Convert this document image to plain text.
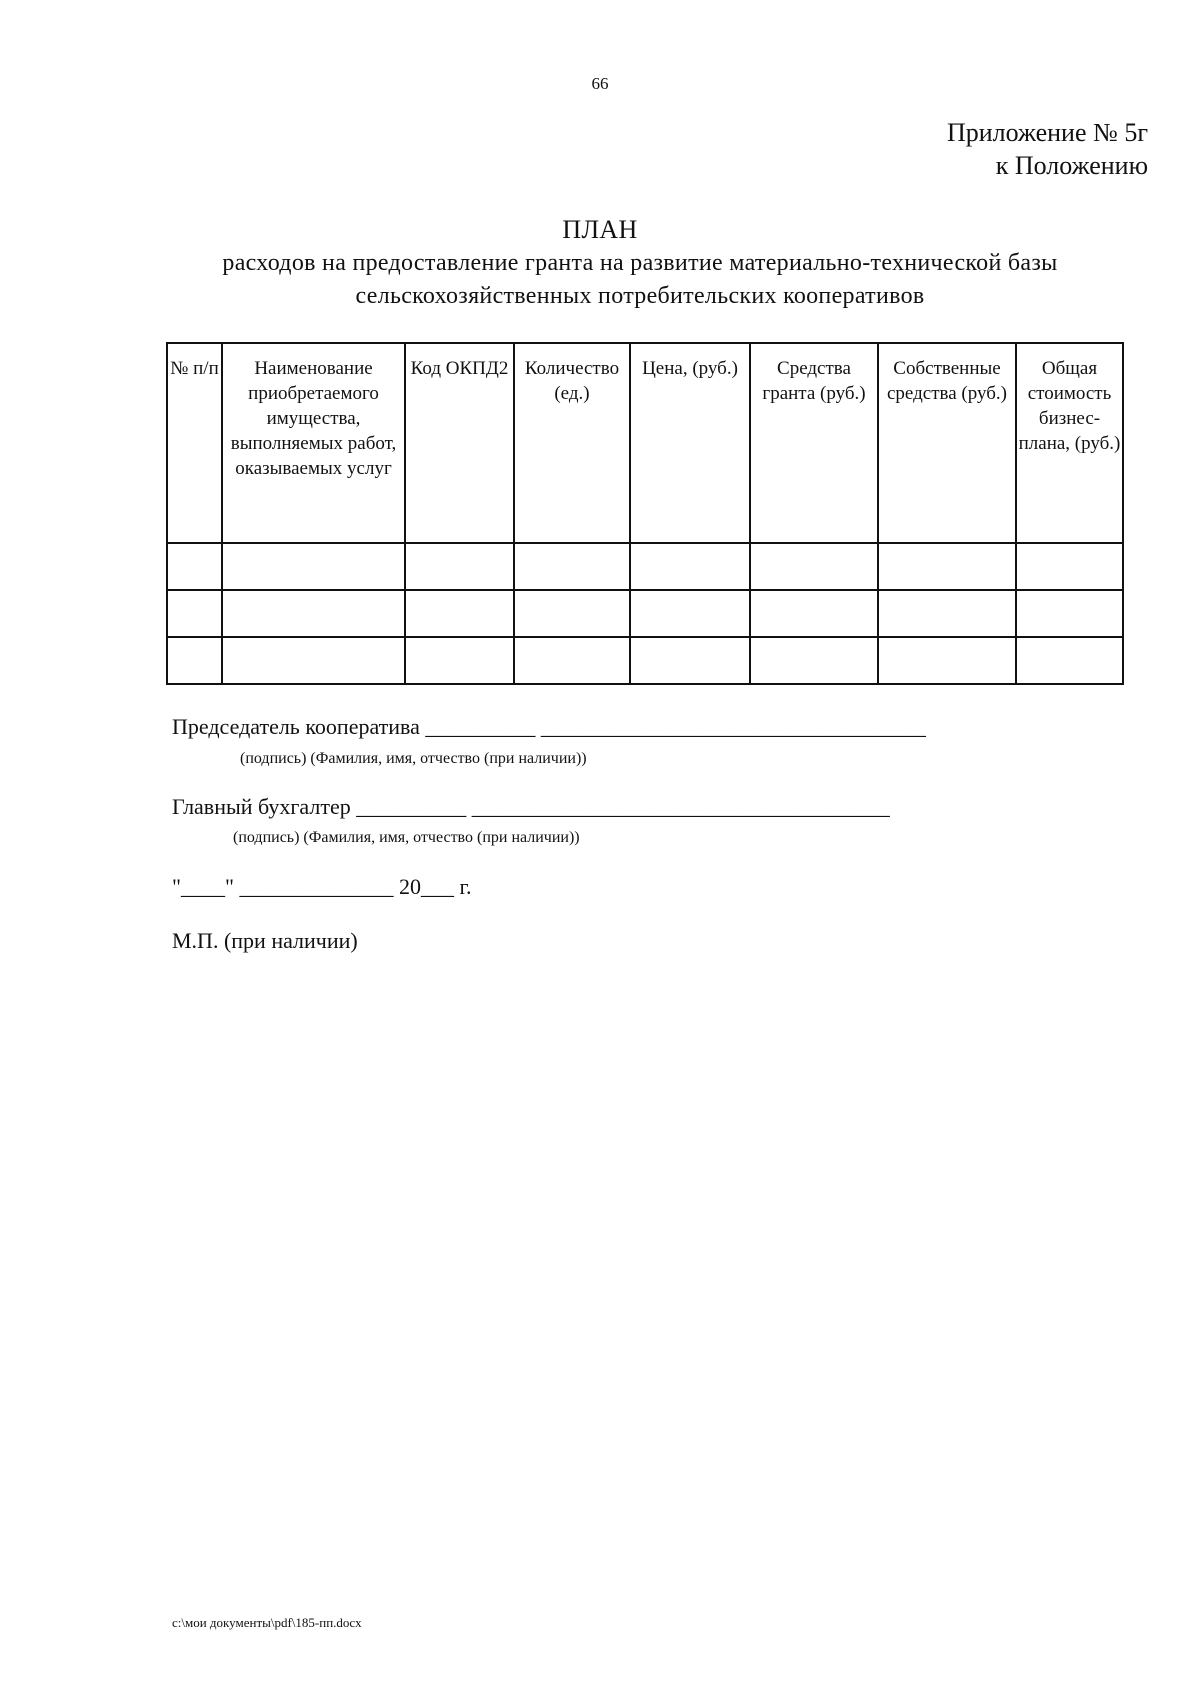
66
Приложение № 5г
к Положению
ПЛАН
расходов на предоставление гранта на развитие материально-технической базы
сельскохозяйственных потребительских кооперативов
№ п/п	Наименование приобретаемого имущества, выполняемых работ, оказываемых услуг	Код ОКПД2	Количество (ед.)	Цена, (руб.)	Средства гранта (руб.)	Собственные средства (руб.)	Общая стоимость бизнес-плана, (руб.)

Председатель кооператива __________ ___________________________________
(подпись) (Фамилия, имя, отчество (при наличии))
Главный бухгалтер __________ ______________________________________
(подпись) (Фамилия, имя, отчество (при наличии))
"____" ______________ 20___ г.
М.П. (при наличии)
c:\мои документы\pdf\185-пп.docx
